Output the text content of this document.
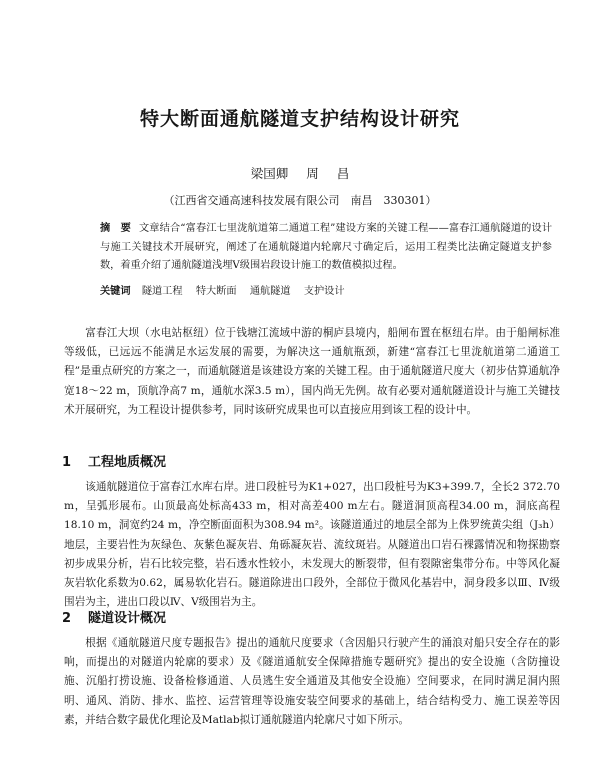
特大断面通航隧道支护结构设计研究
梁国卿 周 昌
（江西省交通高速科技发展有限公司　南昌　330301）
摘　要 文章结合“富春江七里泷航道第二通道工程”建设方案的关键工程——富春江通航隧道的设计与施工关键技术开展研究，阐述了在通航隧道内轮廓尺寸确定后，运用工程类比法确定隧道支护参数，着重介绍了通航隧道浅埋Ⅴ级围岩段设计施工的数值模拟过程。
关键词 隧道工程 特大断面 通航隧道 支护设计
富春江大坝（水电站枢纽）位于钱塘江流域中游的桐庐县境内，船闸布置在枢纽右岸。由于船闸标准等级低，已远远不能满足水运发展的需要，为解决这一通航瓶颈，新建“富春江七里泷航道第二通道工程”是重点研究的方案之一，而通航隧道是该建设方案的关键工程。由于通航隧道尺度大（初步估算通航净宽18～22 m，顶航净高7 m，通航水深3.5 m），国内尚无先例。故有必要对通航隧道设计与施工关键技术开展研究，为工程设计提供参考，同时该研究成果也可以直接应用到该工程的设计中。
1 工程地质概况
该通航隧道位于富春江水库右岸。进口段桩号为K1+027，出口段桩号为K3+399.7，全长2 372.70 m，呈弧形展布。山顶最高处标高433 m，相对高差400 m左右。隧道洞顶高程34.00 m，洞底高程18.10 m，洞宽约24 m，净空断面面积为308.94 m²。该隧道通过的地层全部为上侏罗统黄尖组（J₃h）地层，主要岩性为灰绿色、灰紫色凝灰岩、角砾凝灰岩、流纹斑岩。从隧道出口岩石裸露情况和物探勘察初步成果分析，岩石比较完整，岩石透水性较小，未发现大的断裂带，但有裂隙密集带分布。中等风化凝灰岩软化系数为0.62，属易软化岩石。隧道除进出口段外，全部位于微风化基岩中，洞身段多以Ⅲ、Ⅳ级围岩为主，进出口段以Ⅳ、Ⅴ级围岩为主。
2 隧道设计概况
根据《通航隧道尺度专题报告》提出的通航尺度要求（含因船只行驶产生的涌浪对船只安全存在的影响，而提出的对隧道内轮廓的要求）及《隧道通航安全保障措施专题研究》提出的安全设施（含防撞设施、沉船打捞设施、设备检修通道、人员逃生安全通道及其他安全设施）空间要求，在同时满足洞内照明、通风、消防、排水、监控、运营管理等设施安装空间要求的基础上，结合结构受力、施工误差等因素，并结合数字最优化理论及Matlab拟订通航隧道内轮廓尺寸如下所示。
